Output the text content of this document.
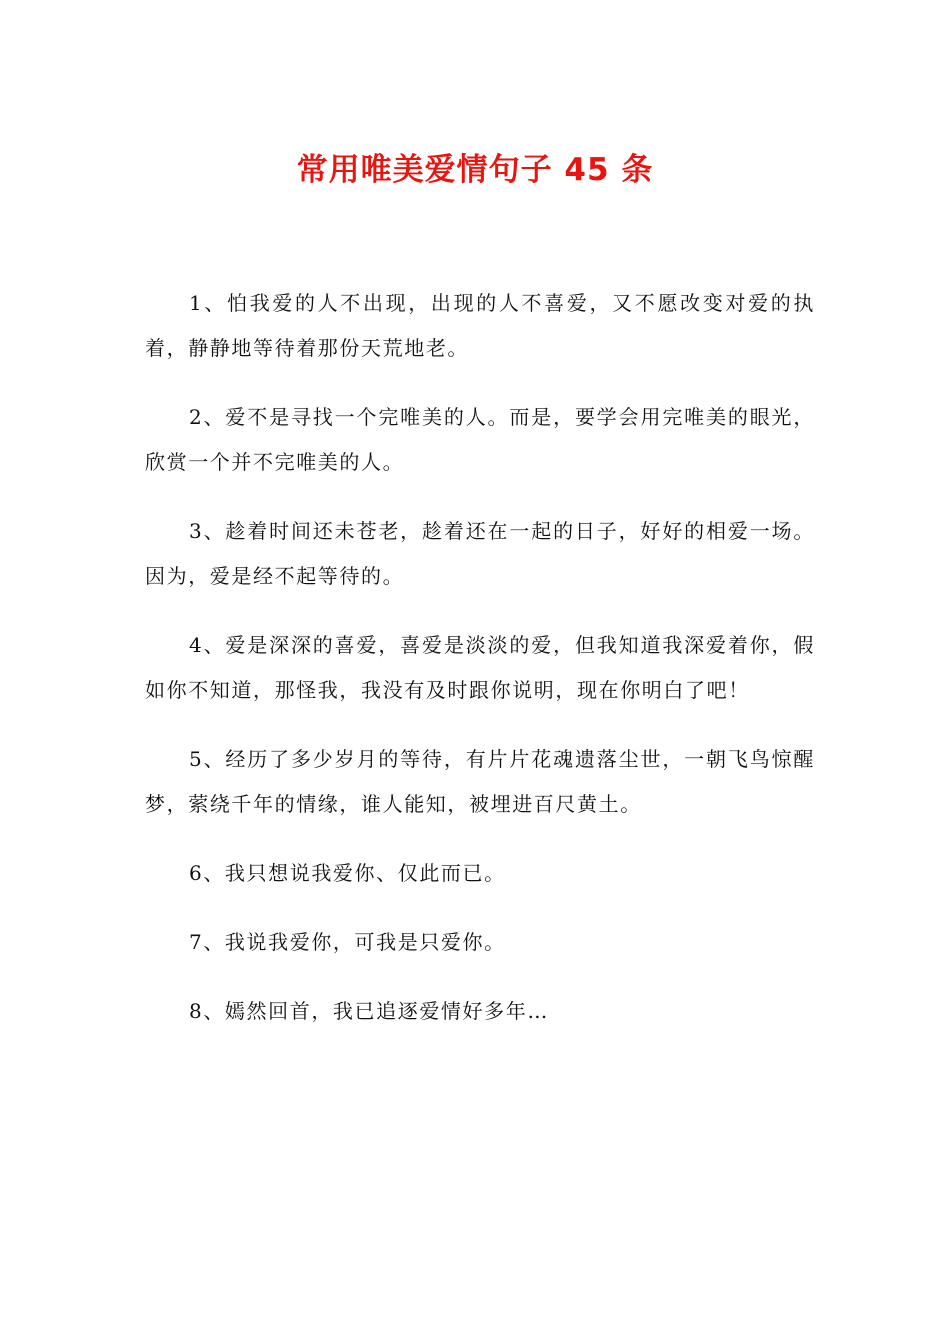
常用唯美爱情句子 45 条

1、怕我爱的人不出现，出现的人不喜爱，又不愿改变对爱的执着，静静地等待着那份天荒地老。

2、爱不是寻找一个完唯美的人。而是，要学会用完唯美的眼光，欣赏一个并不完唯美的人。

3、趁着时间还未苍老，趁着还在一起的日子，好好的相爱一场。因为，爱是经不起等待的。

4、爱是深深的喜爱，喜爱是淡淡的爱，但我知道我深爱着你，假如你不知道，那怪我，我没有及时跟你说明，现在你明白了吧！

5、经历了多少岁月的等待，有片片花魂遗落尘世，一朝飞鸟惊醒梦，萦绕千年的情缘，谁人能知，被埋进百尺黄土。

6、我只想说我爱你、仅此而已。

7、我说我爱你，可我是只爱你。

8、嫣然回首，我已追逐爱情好多年…
